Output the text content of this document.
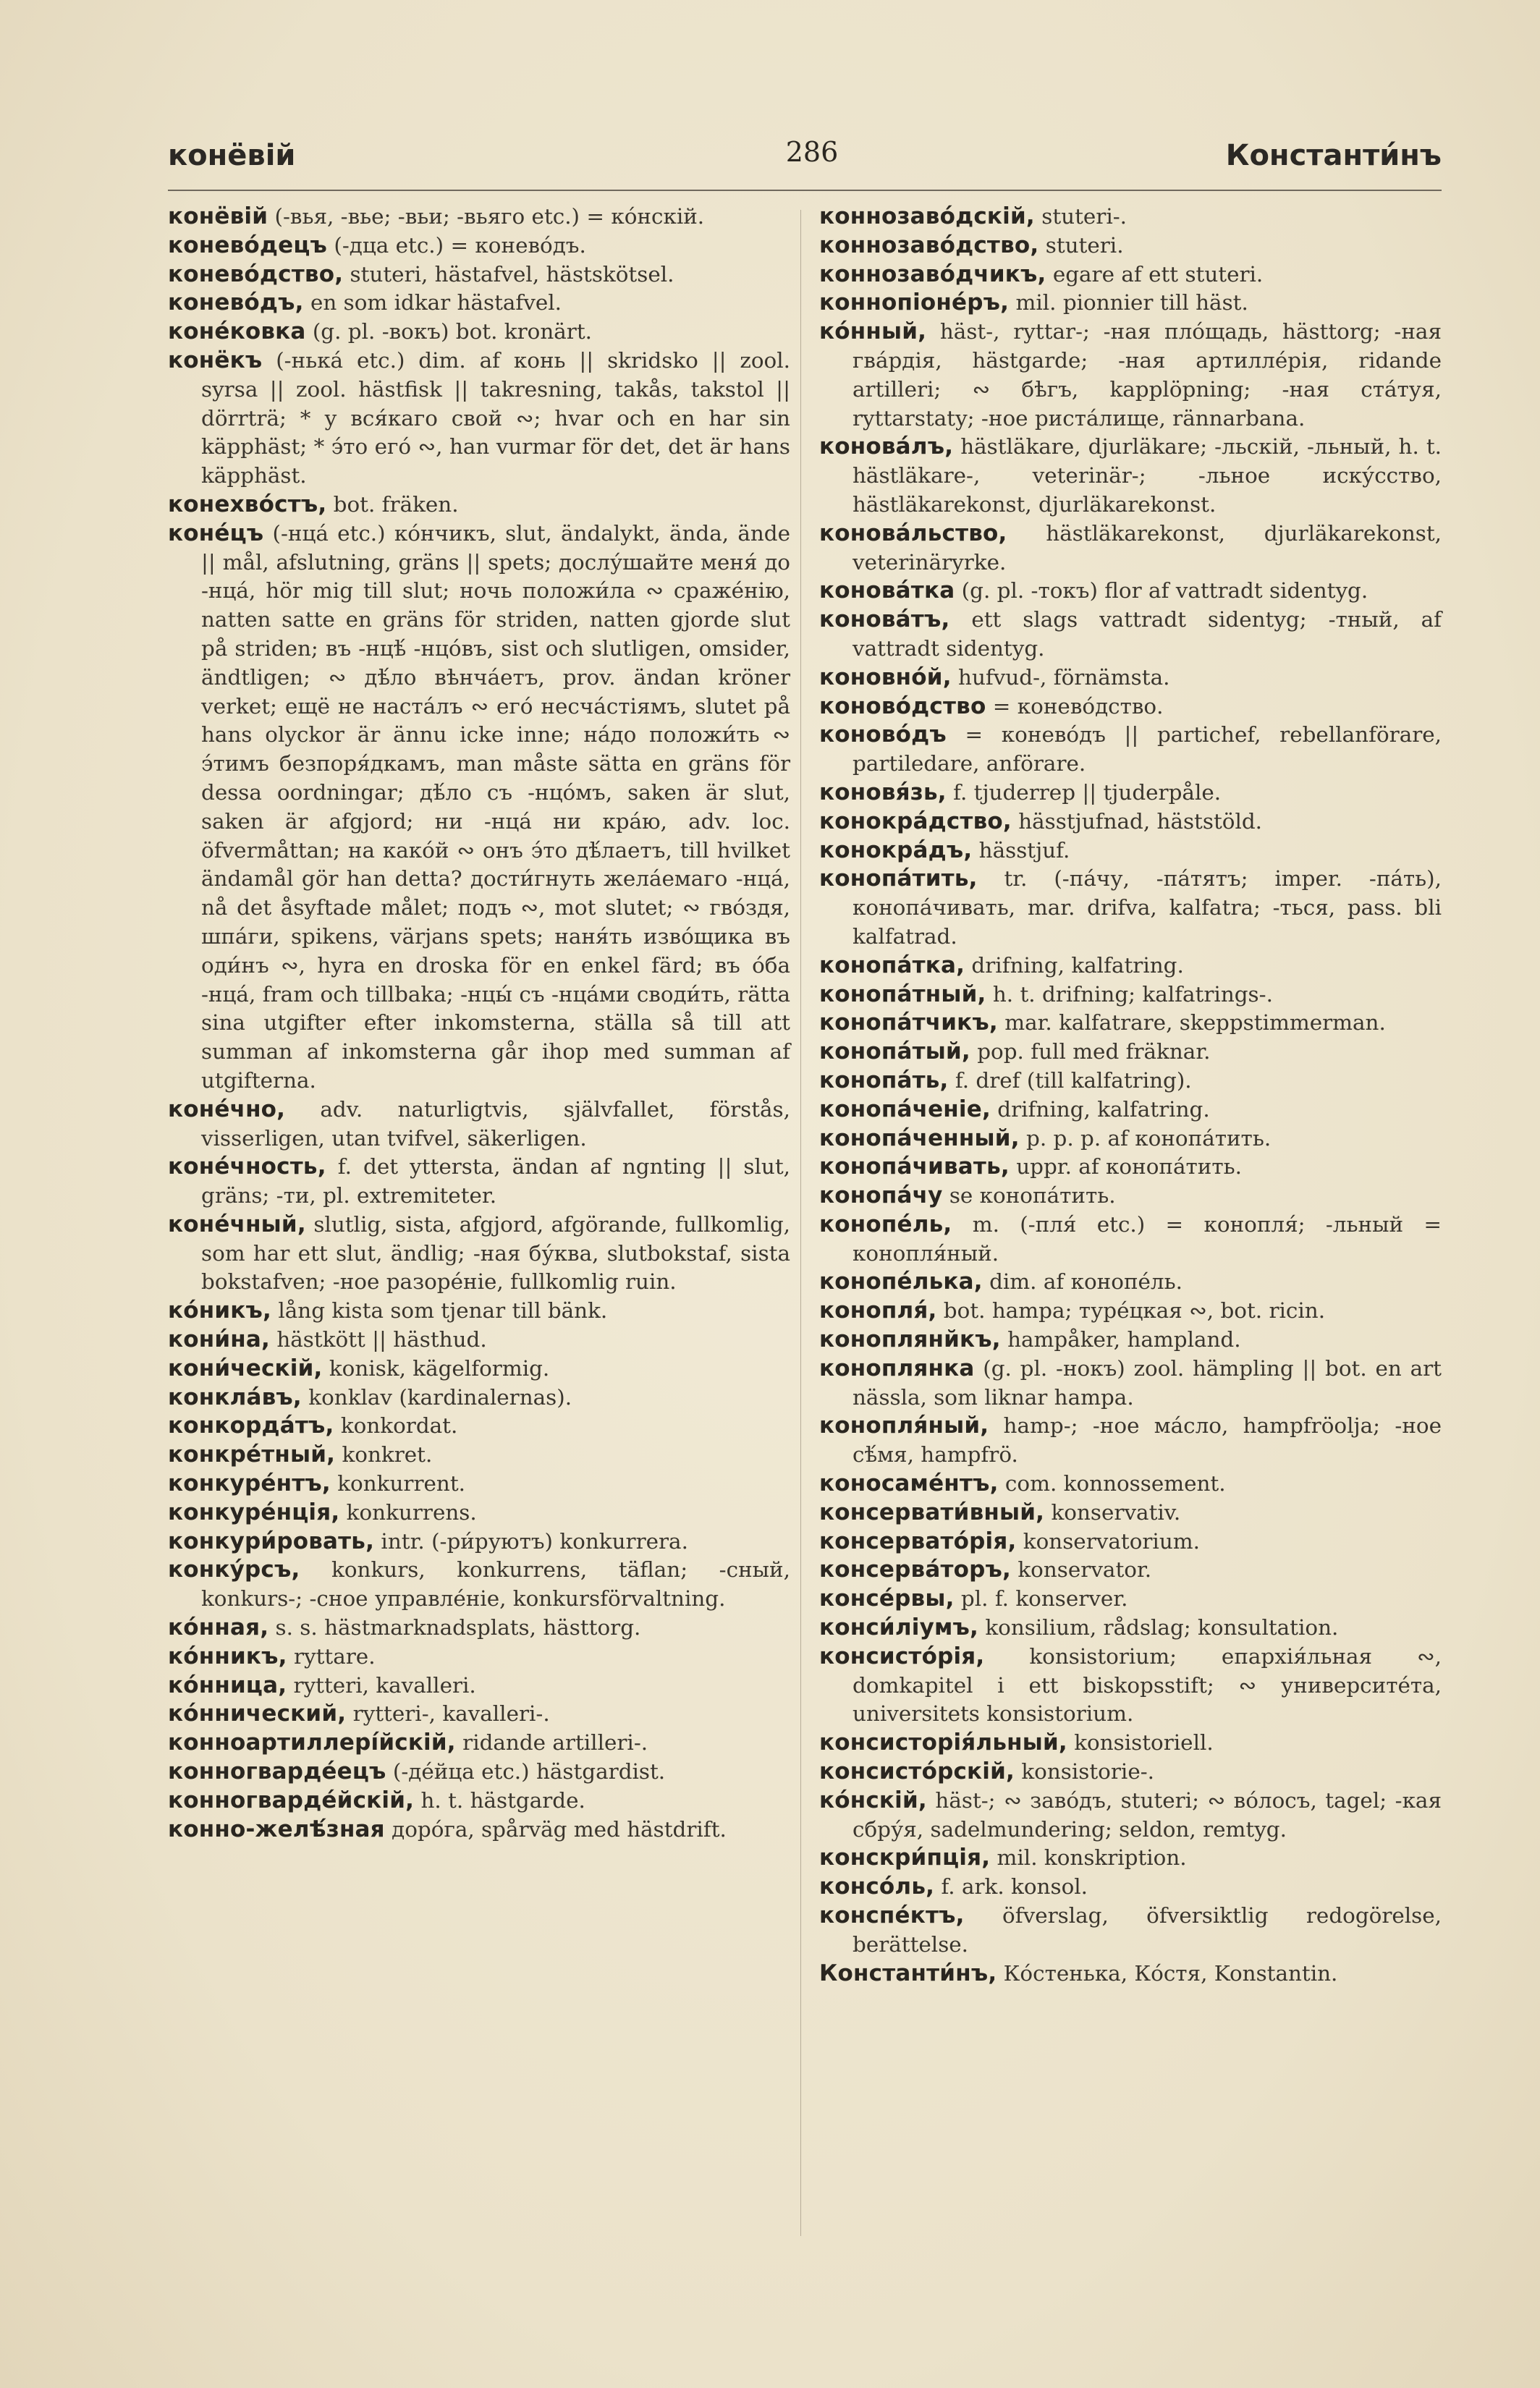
конёвій	286	Константи́нъ

конёвій (-вья, -вье; -вьи; -вьяго etc.) = ко́нскій.

конево́децъ (-дца etc.) = конево́дъ.

конево́дство, stuteri, hästafvel, hästskötsel.

конево́дъ, en som idkar hästafvel.

коне́ковка (g. pl. -вокъ) bot. kronärt.

конёкъ (-нька́ etc.) dim. af конь || skridsko || zool. syrsa || zool. hästfisk || takresning, takås, takstol || dörrträ; * у вся́каго свой ∾; hvar och en har sin käpphäst; * э́то его́ ∾, han vurmar för det, det är hans käpphäst.

конехво́стъ, bot. fräken.

коне́цъ (-нца́ etc.) ко́нчикъ, slut, ändalykt, ända, ände || mål, afslutning, gräns || spets; дослу́шайте меня́ до -нца́, hör mig till slut; ночь положи́ла ∾ сраже́нію, natten satte en gräns för striden, natten gjorde slut på striden; въ -нцѣ́ -нцо́въ, sist och slutligen, omsider, ändtligen; ∾ дѣ́ло вѣнча́етъ, prov. ändan kröner verket; ещё не наста́лъ ∾ его́ несча́стіямъ, slutet på hans olyckor är ännu icke inne; на́до положи́ть ∾ э́тимъ безпоря́дкамъ, man måste sätta en gräns för dessa oordningar; дѣ́ло съ -нцо́мъ, saken är slut, saken är afgjord; ни -нца́ ни кра́ю, adv. loc. öfvermåttan; на како́й ∾ онъ э́то дѣ́лаетъ, till hvilket ändamål gör han detta? дости́гнуть жела́емаго -нца́, nå det åsyftade målet; подъ ∾, mot slutet; ∾ гво́здя, шпа́ги, spikens, värjans spets; наня́ть изво́щика въ оди́нъ ∾, hyra en droska för en enkel färd; въ о́ба -нца́, fram och tillbaka; -нцы́ съ -нца́ми своди́ть, rätta sina utgifter efter inkomsterna, ställa så till att summan af inkomsterna går ihop med summan af utgifterna.

коне́чно, adv. naturligtvis, självfallet, förstås, visserligen, utan tvifvel, säkerligen.

коне́чность, f. det yttersta, ändan af ngnting || slut, gräns; -ти, pl. extremiteter.

коне́чный, slutlig, sista, afgjord, afgörande, fullkomlig, som har ett slut, ändlig; -ная бу́ква, slutbokstaf, sista bokstafven; -ное разоре́ніе, fullkomlig ruin.

ко́никъ, lång kista som tjenar till bänk.

кони́на, hästkött || hästhud.

кони́ческій, konisk, kägelformig.

конкла́въ, konklav (kardinalernas).

конкорда́тъ, konkordat.

конкре́тный, konkret.

конкуре́нтъ, konkurrent.

конкуре́нція, konkurrens.

конкури́ровать, intr. (-ри́руютъ) konkurrera.

конку́рсъ, konkurs, konkurrens, täflan; -сный, konkurs-; -сное управле́ніе, konkursförvaltning.

ко́нная, s. s. hästmarknadsplats, hästtorg.

ко́нникъ, ryttare.

ко́нница, rytteri, kavalleri.

ко́ннический, rytteri-, kavalleri-.

конноартиллері́йскій, ridande artilleri-.

конногварде́ецъ (-де́йца etc.) hästgardist.

конногварде́йскій, h. t. hästgarde.

конно-желѣ́зная доро́га, spårväg med hästdrift.

коннозаво́дскій, stuteri-.

коннозаво́дство, stuteri.

коннозаво́дчикъ, egare af ett stuteri.

коннопіоне́ръ, mil. pionnier till häst.

ко́нный, häst-, ryttar-; -ная пло́щадь, hästtorg; -ная гва́рдія, hästgarde; -ная артилле́рія, ridande artilleri; ∾ бѣгъ, kapplöpning; -ная ста́туя, ryttarstaty; -ное риста́лище, rännarbana.

конова́лъ, hästläkare, djurläkare; -льскій, -льный, h. t. hästläkare-, veterinär-; -льное иску́сство, hästläkarekonst, djurläkarekonst.

конова́льство, hästläkarekonst, djurläkarekonst, veterinäryrke.

конова́тка (g. pl. -токъ) flor af vattradt sidentyg.

конова́тъ, ett slags vattradt sidentyg; -тный, af vattradt sidentyg.

коновно́й, hufvud-, förnämsta.

коново́дство = конево́дство.

коново́дъ = конево́дъ || partichef, rebellanförare, partiledare, anförare.

коновя́зь, f. tjuderrep || tjuderpåle.

конокра́дство, hässtjufnad, häststöld.

конокра́дъ, hässtjuf.

конопа́тить, tr. (-па́чу, -па́тятъ; imper. -па́ть), конопа́чивать, mar. drifva, kalfatra; -ться, pass. bli kalfatrad.

конопа́тка, drifning, kalfatring.

конопа́тный, h. t. drifning; kalfatrings-.

конопа́тчикъ, mar. kalfatrare, skeppstimmerman.

конопа́тый, pop. full med fräknar.

конопа́ть, f. dref (till kalfatring).

конопа́ченіе, drifning, kalfatring.

конопа́ченный, p. p. p. af конопа́тить.

конопа́чивать, uppr. af конопа́тить.

конопа́чу se конопа́тить.

конопе́ль, m. (-пля́ etc.) = конопля́; -льный = конопля́ный.

конопе́лька, dim. af конопе́ль.

конопля́, bot. hampa; туре́цкая ∾, bot. ricin.

коноплянйкъ, hampåker, hampland.

коноплянка (g. pl. -нокъ) zool. hämpling || bot. en art nässla, som liknar hampa.

конопля́ный, hamp-; -ное ма́сло, hampfröolja; -ное сѣ́мя, hampfrö.

коносаме́нтъ, com. konnossement.

консервати́вный, konservativ.

консервато́рія, konservatorium.

консерва́торъ, konservator.

консе́рвы, pl. f. konserver.

конси́ліумъ, konsilium, rådslag; konsultation.

консисто́рія, konsistorium; епархія́льная ∾, domkapitel i ett biskopsstift; ∾ университе́та, universitets konsistorium.

консисторія́льный, konsistoriell.

консисто́рскій, konsistorie-.

ко́нскій, häst-; ∾ заво́дъ, stuteri; ∾ во́лосъ, tagel; -кая сбру́я, sadelmundering; seldon, remtyg.

конскри́пція, mil. konskription.

консо́ль, f. ark. konsol.

конспе́ктъ, öfverslag, öfversiktlig redogörelse, berättelse.

Константи́нъ, Ко́стенька, Ко́стя, Konstantin.
